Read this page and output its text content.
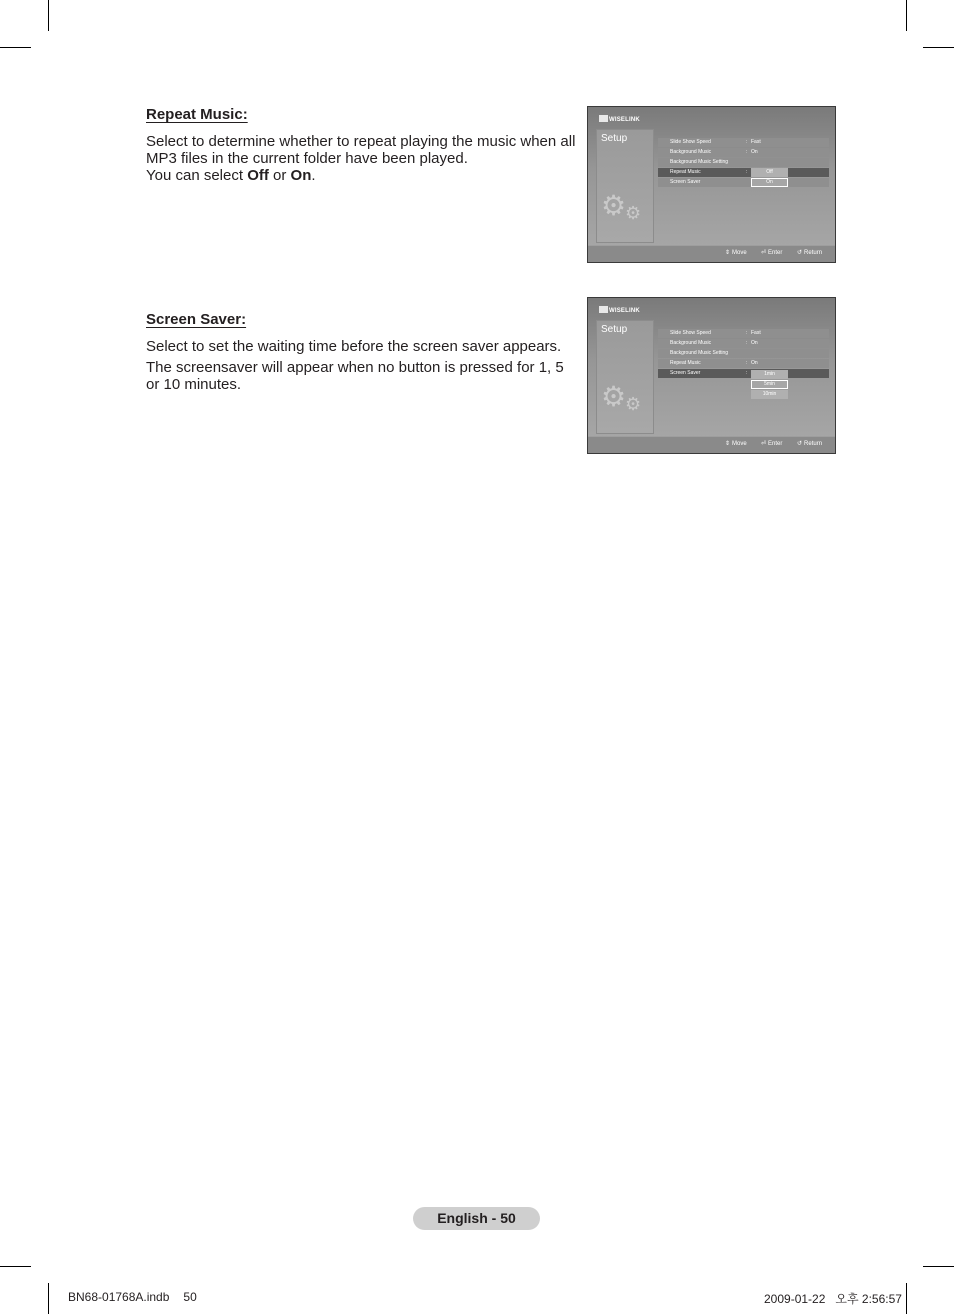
Repeat Music:

Select to determine whether to repeat playing the music when all MP3 files in the current folder have been played.
You can select Off or On.

WISELINK
Setup
⚙
⚙
Slide Show Speed	: Fast
Background Music	: On
Background Music Setting
Repeat Music	:
Screen Saver
Off
On
⇕ Move ⏎ Enter ↺ Return
Screen Saver:

Select to set the waiting time before the screen saver appears.

The screensaver will appear when no button is pressed for 1, 5 or 10 minutes.

WISELINK
Setup
⚙
⚙
Slide Show Speed	: Fast
Background Music	: On
Background Music Setting
Repeat Music	: On
Screen Saver	:	1min
5min
10min
⇕ Move ⏎ Enter ↺ Return
English - 50
BN68-01768A.indb 50	2009-01-22   오후 2:56:57
